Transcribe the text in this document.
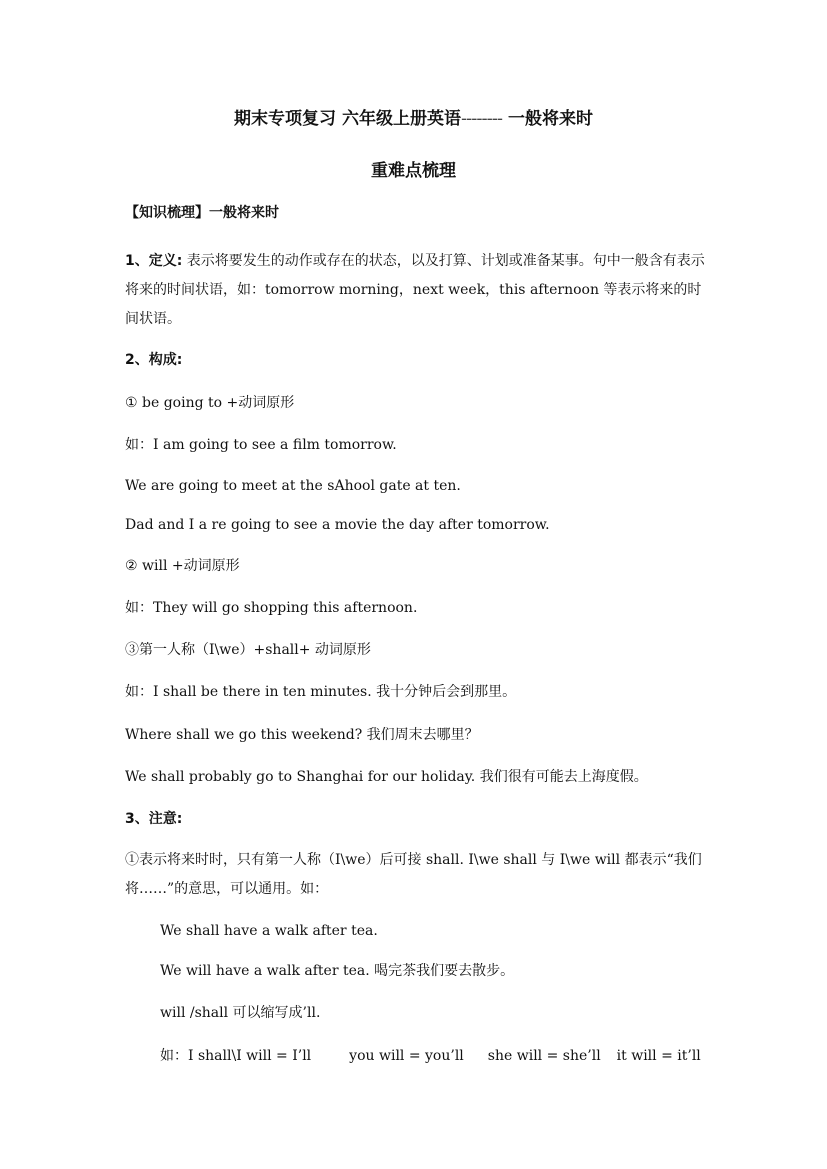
期末专项复习 六年级上册英语-------- 一般将来时
重难点梳理
【知识梳理】一般将来时
1、定义: 表示将要发生的动作或存在的状态，以及打算、计划或准备某事。句中一般含有表示将来的时间状语，如：tomorrow morning，next week，this afternoon 等表示将来的时间状语。
2、构成:
① be going to +动词原形
如：I am going to see a film tomorrow.
We are going to meet at the sAhool gate at ten.
Dad and I a re going to see a movie the day after tomorrow.
② will +动词原形
如：They will go shopping this afternoon.
③第一人称（I\we）+shall+ 动词原形
如：I shall be there in ten minutes. 我十分钟后会到那里。
Where shall we go this weekend? 我们周末去哪里？
We shall probably go to Shanghai for our holiday. 我们很有可能去上海度假。
3、注意:
①表示将来时时，只有第一人称（I\we）后可接 shall. I\we shall 与 I\we will 都表示“我们将……”的意思，可以通用。如：
We shall have a walk after tea.
We will have a walk after tea. 喝完茶我们要去散步。
will /shall 可以缩写成’ll.
如：I shall\I will = I’ll	you will = you’ll she will = she’ll it will = it’ll
